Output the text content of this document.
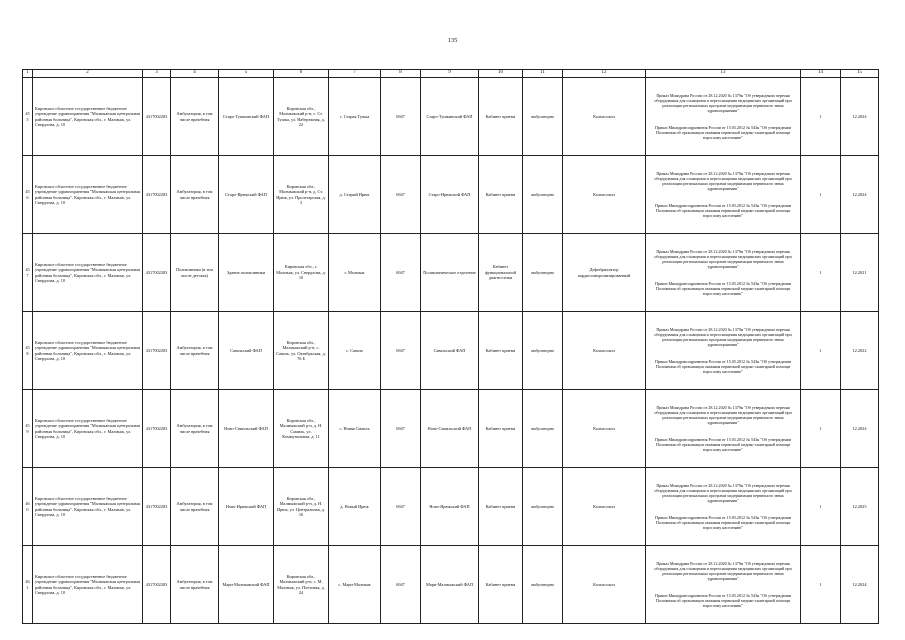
135
1	2	3	4	5	6	7	8	9	10	11	12	13	14	15
455	Кировское областное государственное бюджетное учреждение здравоохранения "Малмыжская центральная районная больница", Кировская обл., г. Малмыж, ул. Свердлова, д. 10	4317002283	Амбулатория, в том числе врачебная	Старо-Тушкинский ФАП	Кировская обл., Малмыжский р-н, с. Ст. Тушка, ул. Набережная, д. 22	с. Старая Тушка	6947	Старо-Тушкинский ФАП	Кабинет приема	амбулаторно	Кольпоскоп	Приказ Минздрава России от 28.12.2020 № 1379н "Об утверждении перечня оборудования для оснащения и переоснащения медицинских организаций при реализации региональных программ модернизации первичного звена здравоохранения"

Приказ Минздравсоцразвития России от 15.05.2012 № 543н "Об утверждении Положения об организации оказания первичной медико-санитарной помощи взрослому населению"	1	12.2024
456	Кировское областное государственное бюджетное учреждение здравоохранения "Малмыжская центральная районная больница", Кировская обл., г. Малмыж, ул. Свердлова, д. 10	4317002283	Амбулатория, в том числе врачебная	Старо-Ирюкский ФАП	Кировская обл., Малмыжский р-н, д. Ст. Ирюк, ул. Пролетарская, д. 3	д. Старый Ирюк	6947	Старо-Ирюкский ФАП	Кабинет приема	амбулаторно	Кольпоскоп	Приказ Минздрава России от 28.12.2020 № 1379н "Об утверждении перечня оборудования для оснащения и переоснащения медицинских организаций при реализации региональных программ модернизации первичного звена здравоохранения"

Приказ Минздравсоцразвития России от 15.05.2012 № 543н "Об утверждении Положения об организации оказания первичной медико-санитарной помощи взрослому населению"	1	12.2024
457	Кировское областное государственное бюджетное учреждение здравоохранения "Малмыжская центральная районная больница", Кировская обл., г. Малмыж, ул. Свердлова, д. 10	4317002283	Поликлиника (в том числе детская)	Здание поликлиники	Кировская обл., г. Малмыж, ул. Свердлова, д. 10	г. Малмыж	6947	Поликлиническое отделение	Кабинет функциональной диагностики	амбулаторно	Дефибриллятор кардиосинхронизированный	Приказ Минздрава России от 28.12.2020 № 1379н "Об утверждении перечня оборудования для оснащения и переоснащения медицинских организаций при реализации региональных программ модернизации первичного звена здравоохранения"

Приказ Минздравсоцразвития России от 15.05.2012 № 543н "Об утверждении Положения об организации оказания первичной медико-санитарной помощи взрослому населению"	1	12.2021
458	Кировское областное государственное бюджетное учреждение здравоохранения "Малмыжская центральная районная больница", Кировская обл., г. Малмыж, ул. Свердлова, д. 10	4317002283	Амбулатория, в том числе врачебная	Савальский ФАП	Кировская обл., Малмыжский р-н, с. Саваль, ул. Октябрьская, д. 76 Б	с. Саваль	6947	Савальский ФАП	Кабинет приема	амбулаторно	Кольпоскоп	Приказ Минздрава России от 28.12.2020 № 1379н "Об утверждении перечня оборудования для оснащения и переоснащения медицинских организаций при реализации региональных программ модернизации первичного звена здравоохранения"

Приказ Минздравсоцразвития России от 15.05.2012 № 543н "Об утверждении Положения об организации оказания первичной медико-санитарной помощи взрослому населению"	1	12.2022
459	Кировское областное государственное бюджетное учреждение здравоохранения "Малмыжская центральная районная больница", Кировская обл., г. Малмыж, ул. Свердлова, д. 10	4317002283	Амбулатория, в том числе врачебная	Ново-Смаильский ФАП	Кировская обл., Малмыжский р-н, д. Н. Смаиль, ул. Коммунальная, д. 11	с. Новая Смаиль	6947	Ново-Смаильский ФАП	Кабинет приема	амбулаторно	Кольпоскоп	Приказ Минздрава России от 28.12.2020 № 1379н "Об утверждении перечня оборудования для оснащения и переоснащения медицинских организаций при реализации региональных программ модернизации первичного звена здравоохранения"

Приказ Минздравсоцразвития России от 15.05.2012 № 543н "Об утверждении Положения об организации оказания первичной медико-санитарной помощи взрослому населению"	1	12.2024
460	Кировское областное государственное бюджетное учреждение здравоохранения "Малмыжская центральная районная больница", Кировская обл., г. Малмыж, ул. Свердлова, д. 10	4317002283	Амбулатория, в том числе врачебная	Ново-Ирюкский ФАП	Кировская обл., Малмыжский р-н, д. Н. Ирюк, ул. Центральная, д. 16	д. Новый Ирюк	6947	Ново-Ирюкский ФАП	Кабинет приема	амбулаторно	Кольпоскоп	Приказ Минздрава России от 28.12.2020 № 1379н "Об утверждении перечня оборудования для оснащения и переоснащения медицинских организаций при реализации региональных программ модернизации первичного звена здравоохранения"

Приказ Минздравсоцразвития России от 15.05.2012 № 543н "Об утверждении Положения об организации оказания первичной медико-санитарной помощи взрослому населению"	1	12.2025
461	Кировское областное государственное бюджетное учреждение здравоохранения "Малмыжская центральная районная больница", Кировская обл., г. Малмыж, ул. Свердлова, д. 10	4317002283	Амбулатория, в том числе врачебная	Мари-Малмыжский ФАП	Кировская обл., Малмыжский р-н, с. М. Малмыж, ул. Почтовая, д. 24	с. Мари-Малмыж	6947	Мари-Малмыжский ФАП	Кабинет приема	амбулаторно	Кольпоскоп	Приказ Минздрава России от 28.12.2020 № 1379н "Об утверждении перечня оборудования для оснащения и переоснащения медицинских организаций при реализации региональных программ модернизации первичного звена здравоохранения"

Приказ Минздравсоцразвития России от 15.05.2012 № 543н "Об утверждении Положения об организации оказания первичной медико-санитарной помощи взрослому населению"	1	12.2024
